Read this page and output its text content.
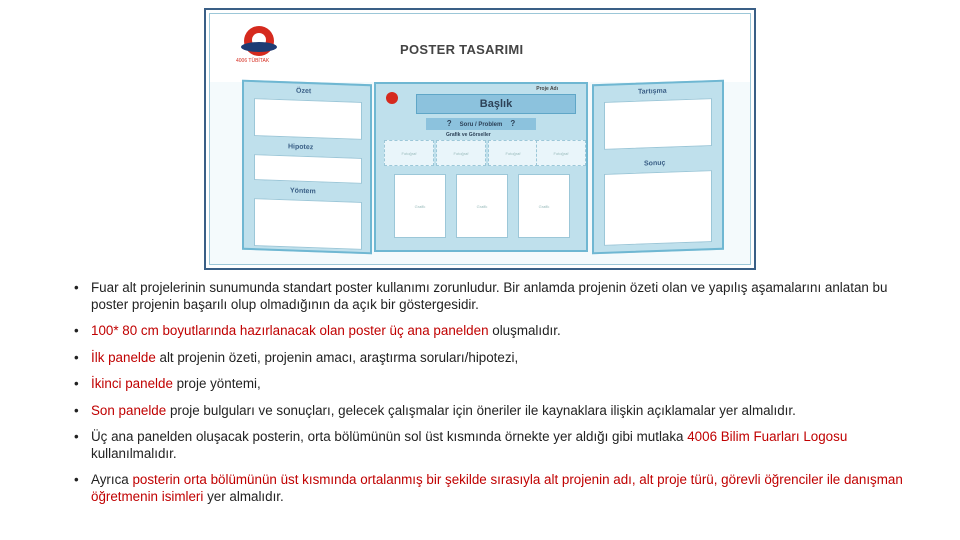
4006 TÜBİTAK
POSTER TASARIMI
Özet
Hipotez
Yöntem
Proje Adı
Başlık
? Soru / Problem ?
Grafik ve Görseller
Fotoğraf	Fotoğraf	Fotoğraf	Fotoğraf
Grafik	Grafik	Grafik
Tartışma
Sonuç
• Fuar alt projelerinin sunumunda standart poster kullanımı zorunludur. Bir anlamda projenin özeti olan ve yapılış aşamalarını anlatan bu poster projenin başarılı olup olmadığının da açık bir göstergesidir.
• 100* 80 cm boyutlarında hazırlanacak olan poster üç ana panelden oluşmalıdır.
• İlk panelde alt projenin özeti, projenin amacı, araştırma soruları/hipotezi,
• İkinci panelde proje yöntemi,
• Son panelde proje bulguları ve sonuçları, gelecek çalışmalar için öneriler ile kaynaklara ilişkin açıklamalar yer almalıdır.
• Üç ana panelden oluşacak posterin, orta bölümünün sol üst kısmında örnekte yer aldığı gibi mutlaka 4006 Bilim Fuarları Logosu kullanılmalıdır.
• Ayrıca posterin orta bölümünün üst kısmında ortalanmış bir şekilde sırasıyla alt projenin adı, alt proje türü, görevli öğrenciler ile danışman öğretmenin isimleri yer almalıdır.
